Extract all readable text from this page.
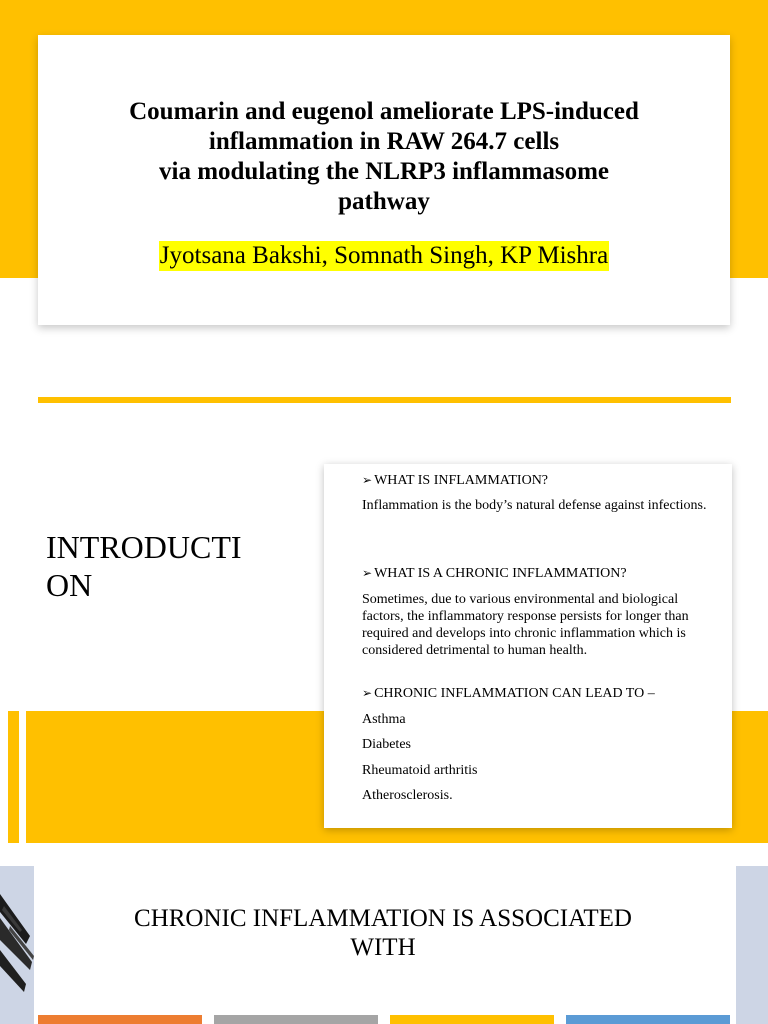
Coumarin and eugenol ameliorate LPS-induced
inflammation in RAW 264.7 cells
via modulating the NLRP3 inflammasome
pathway
Jyotsana Bakshi, Somnath Singh, KP Mishra
INTRODUCTI
ON
➢ WHAT IS INFLAMMATION?
Inflammation is the body’s natural defense against infections.
➢ WHAT IS A CHRONIC INFLAMMATION?
Sometimes, due to various environmental and biological factors, the inflammatory response persists for longer than required and develops into chronic inflammation which is considered detrimental to human health.
➢ CHRONIC INFLAMMATION CAN LEAD TO –
Asthma
Diabetes
Rheumatoid arthritis
Atherosclerosis.
CHRONIC INFLAMMATION IS ASSOCIATED
WITH
